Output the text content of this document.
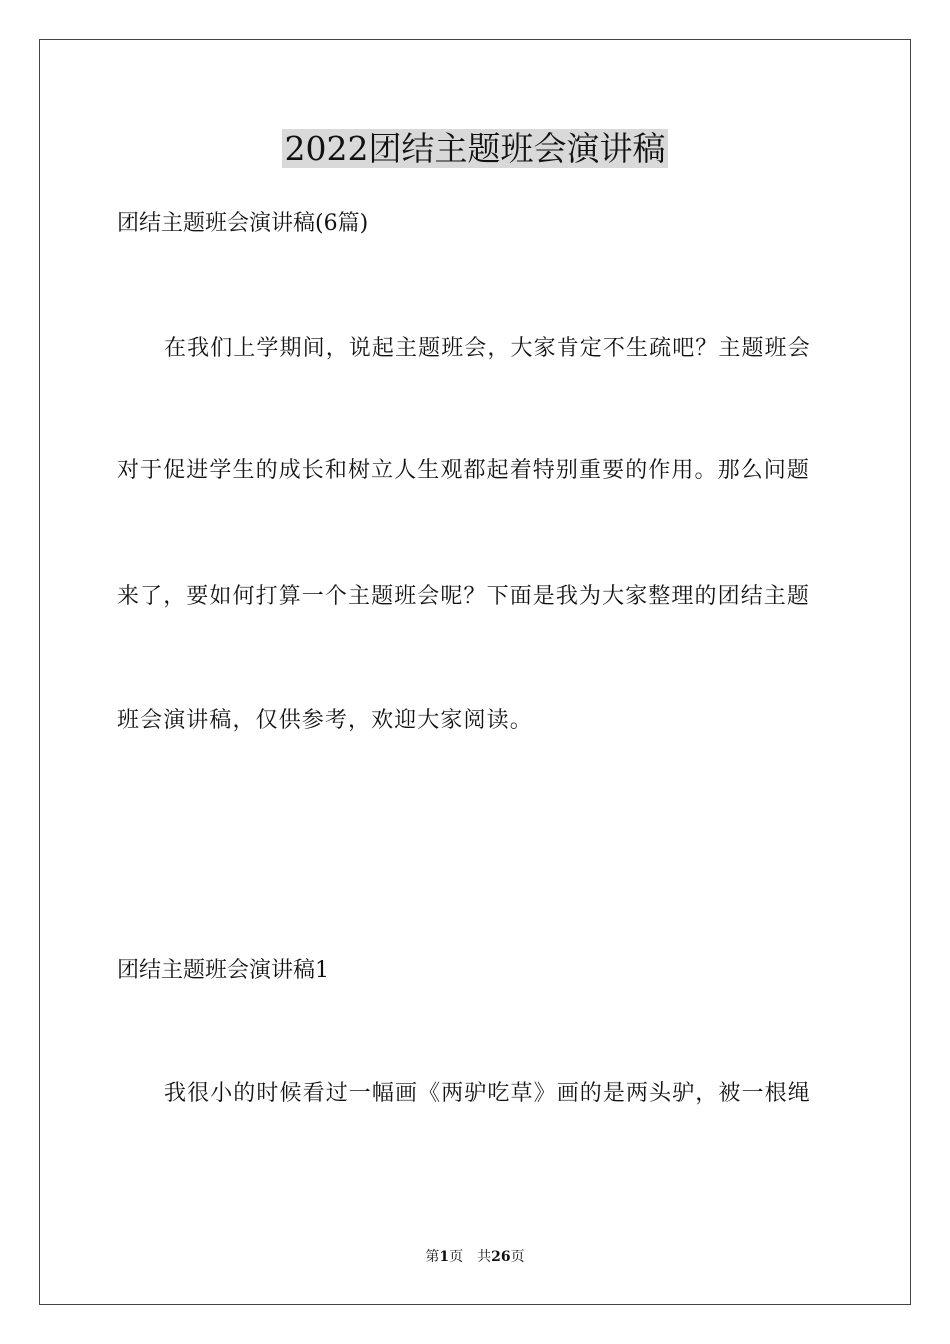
2022团结主题班会演讲稿

团结主题班会演讲稿(6篇)

在我们上学期间，说起主题班会，大家肯定不生疏吧？主题班会

对于促进学生的成长和树立人生观都起着特别重要的作用。那么问题

来了，要如何打算一个主题班会呢？下面是我为大家整理的团结主题

班会演讲稿，仅供参考，欢迎大家阅读。

团结主题班会演讲稿1

我很小的时候看过一幅画《两驴吃草》画的是两头驴，被一根绳

第1页 共26页
